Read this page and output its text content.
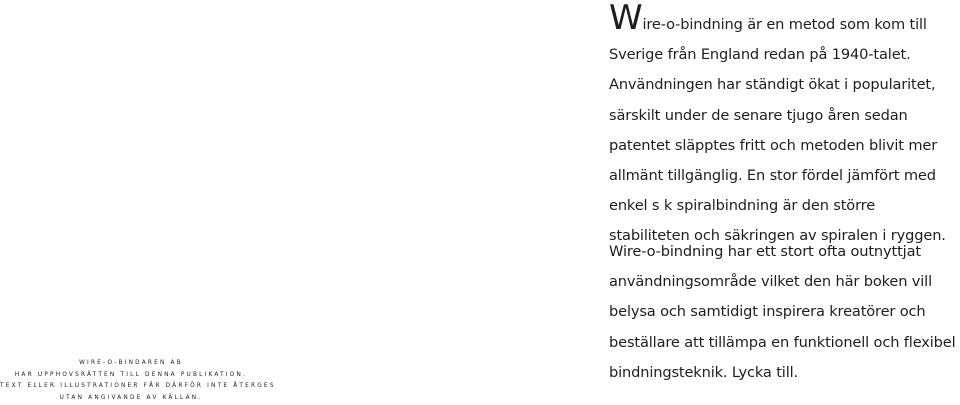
Wire-o-bindning är en metod som kom till Sverige från England redan på 1940-talet. Användningen har ständigt ökat i popularitet, särskilt under de senare tjugo åren sedan patentet släpptes fritt och metoden blivit mer allmänt tillgänglig. En stor fördel jämfört med enkel s k spiralbindning är den större stabiliteten och säkringen av spiralen i ryggen.

Wire-o-bindning har ett stort ofta outnyttjat användningsområde vilket den här boken vill belysa och samtidigt inspirera kreatörer och beställare att tillämpa en funktionell och flexibel bindningsteknik. Lycka till.

WIRE-O-BINDAREN AB
HAR UPPHOVSRÄTTEN TILL DENNA PUBLIKATION.
TEXT ELLER ILLUSTRATIONER FÅR DÄRFÖR INTE ÅTERGES
UTAN ANGIVANDE AV KÄLLAN.
